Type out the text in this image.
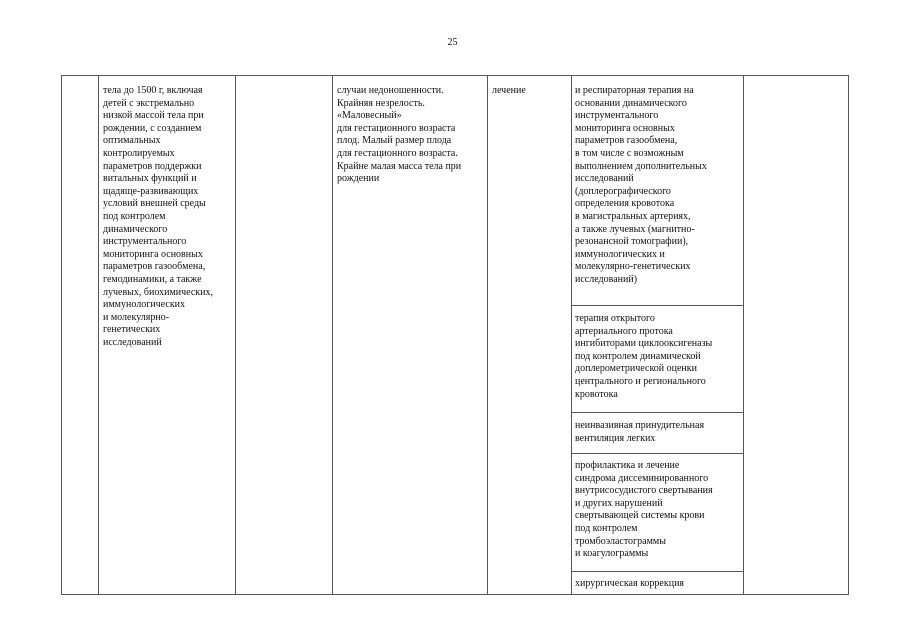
25

тела до 1500 г, включая
детей с экстремально
низкой массой тела при
рождении, с созданием
оптимальных
контролируемых
параметров поддержки
витальных функций и
щадяще-развивающих
условий внешней среды
под контролем
динамического
инструментального
мониторинга основных
параметров газообмена,
гемодинамики, а также
лучевых, биохимических,
иммунологических
и молекулярно-
генетических
исследований

случаи недоношенности.
Крайняя незрелость.
«Маловесный»
для гестационного возраста
плод. Малый размер плода
для гестационного возраста.
Крайне малая масса тела при
рождении

лечение	и респираторная терапия на
основании динамического
инструментального
мониторинга основных
параметров газообмена,
в том числе с возможным
выполнением дополнительных
исследований
(доплерографического
определения кровотока
в магистральных артериях,
а также лучевых (магнитно-
резонансной томографии),
иммунологических и
молекулярно-генетических
исследований)

терапия открытого
артериального протока
ингибиторами циклооксигеназы
под контролем динамической
доплерометрической оценки
центрального и регионального
кровотока

неинвазивная принудительная
вентиляция легких

профилактика и лечение
синдрома диссеминированного
внутрисосудистого свертывания
и других нарушений
свертывающей системы крови
под контролем
тромбоэластограммы
и коагулограммы

хирургическая коррекция
